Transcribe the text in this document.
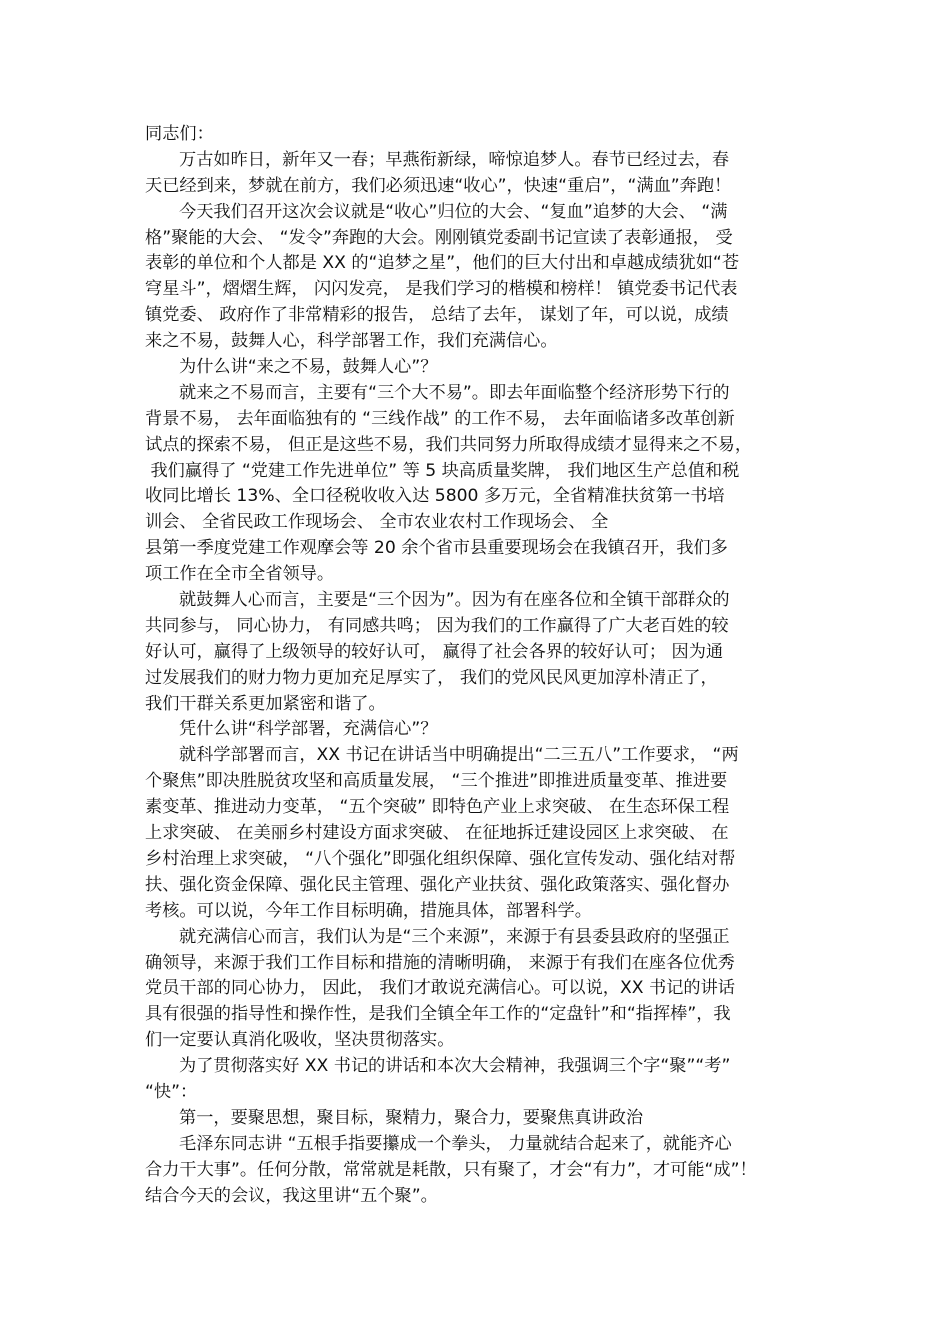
同志们：
万古如昨日，新年又一春；早燕衔新绿，啼惊追梦人。春节已经过去，春
天已经到来，梦就在前方，我们必须迅速“收心”，快速“重启”，“满血”奔跑！
今天我们召开这次会议就是“收心”归位的大会、“复血”追梦的大会、 “满
格”聚能的大会、 “发令”奔跑的大会。刚刚镇党委副书记宣读了表彰通报， 受
表彰的单位和个人都是 XX 的“追梦之星”，他们的巨大付出和卓越成绩犹如“苍
穹星斗”，熠熠生辉， 闪闪发亮， 是我们学习的楷模和榜样！ 镇党委书记代表
镇党委、 政府作了非常精彩的报告， 总结了去年， 谋划了年，可以说，成绩
来之不易，鼓舞人心，科学部署工作，我们充满信心。
为什么讲“来之不易，鼓舞人心”？
就来之不易而言，主要有“三个大不易”。即去年面临整个经济形势下行的
背景不易， 去年面临独有的 “三线作战” 的工作不易， 去年面临诸多改革创新
试点的探索不易， 但正是这些不易，我们共同努力所取得成绩才显得来之不易，
我们赢得了 “党建工作先进单位” 等 5 块高质量奖牌， 我们地区生产总值和税
收同比增长 13%、全口径税收收入达 5800 多万元，全省精准扶贫第一书培
训会、 全省民政工作现场会、 全市农业农村工作现场会、 全
县第一季度党建工作观摩会等 20 余个省市县重要现场会在我镇召开，我们多
项工作在全市全省领导。
就鼓舞人心而言，主要是“三个因为”。因为有在座各位和全镇干部群众的
共同参与， 同心协力， 有同感共鸣； 因为我们的工作赢得了广大老百姓的较
好认可，赢得了上级领导的较好认可， 赢得了社会各界的较好认可； 因为通
过发展我们的财力物力更加充足厚实了， 我们的党风民风更加淳朴清正了，
我们干群关系更加紧密和谐了。
凭什么讲“科学部署，充满信心”？
就科学部署而言，XX 书记在讲话当中明确提出“二三五八”工作要求， “两
个聚焦”即决胜脱贫攻坚和高质量发展， “三个推进”即推进质量变革、推进要
素变革、推进动力变革， “五个突破” 即特色产业上求突破、 在生态环保工程
上求突破、 在美丽乡村建设方面求突破、 在征地拆迁建设园区上求突破、 在
乡村治理上求突破， “八个强化”即强化组织保障、强化宣传发动、强化结对帮
扶、强化资金保障、强化民主管理、强化产业扶贫、强化政策落实、强化督办
考核。可以说，今年工作目标明确，措施具体，部署科学。
就充满信心而言，我们认为是“三个来源”，来源于有县委县政府的坚强正
确领导，来源于我们工作目标和措施的清晰明确， 来源于有我们在座各位优秀
党员干部的同心协力， 因此， 我们才敢说充满信心。可以说，XX 书记的讲话
具有很强的指导性和操作性，是我们全镇全年工作的“定盘针”和“指挥棒”，我
们一定要认真消化吸收，坚决贯彻落实。
为了贯彻落实好 XX 书记的讲话和本次大会精神，我强调三个字“聚”“考”
“快”：
第一，要聚思想，聚目标，聚精力，聚合力，要聚焦真讲政治
毛泽东同志讲 “五根手指要攥成一个拳头， 力量就结合起来了，就能齐心
合力干大事”。任何分散，常常就是耗散，只有聚了，才会“有力”，才可能“成”！
结合今天的会议，我这里讲“五个聚”。
